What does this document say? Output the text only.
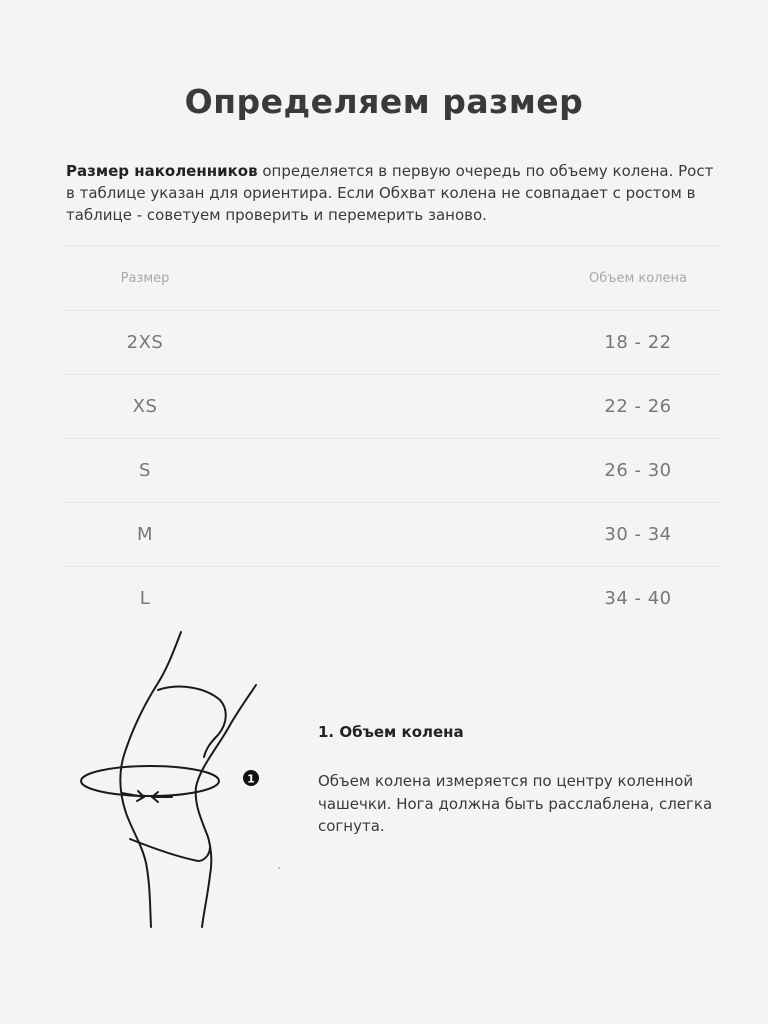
Определяем размер

Размер наколенников определяется в первую очередь по объему колена. Рост в таблице указан для ориентира. Если Обхват колена не совпадает с ростом в таблице - советуем проверить и перемерить заново.

Размер	Объем колена
2XS	18 - 22
XS	22 - 26
S	26 - 30
M	30 - 34
L	34 - 40
1

1. Объем колена

Объем колена измеряется по центру коленной чашечки. Нога должна быть расслаблена, слегка согнута.
